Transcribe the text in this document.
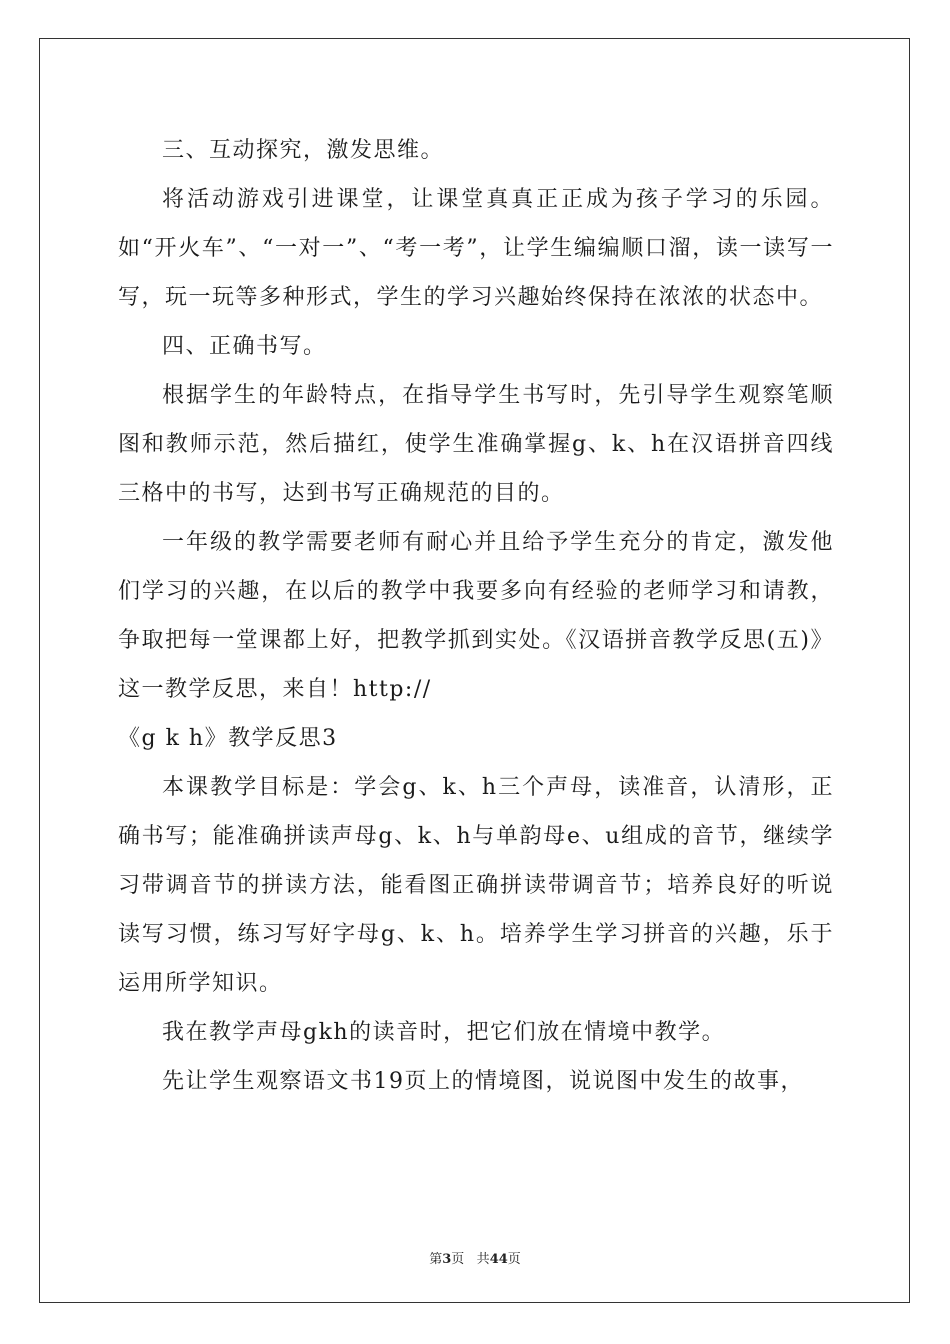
三、互动探究，激发思维。

将活动游戏引进课堂，让课堂真真正正成为孩子学习的乐园。如“开火车”、“一对一”、“考一考”，让学生编编顺口溜，读一读写一写，玩一玩等多种形式，学生的学习兴趣始终保持在浓浓的状态中。

四、正确书写。

根据学生的年龄特点，在指导学生书写时，先引导学生观察笔顺图和教师示范，然后描红，使学生准确掌握g、k、h在汉语拼音四线三格中的书写，达到书写正确规范的目的。

一年级的教学需要老师有耐心并且给予学生充分的肯定，激发他们学习的兴趣，在以后的教学中我要多向有经验的老师学习和请教，争取把每一堂课都上好，把教学抓到实处。《汉语拼音教学反思(五)》这一教学反思，来自！http://

《g k h》教学反思3

本课教学目标是：学会g、k、h三个声母，读准音，认清形，正确书写；能准确拼读声母g、k、h与单韵母e、u组成的音节，继续学习带调音节的拼读方法，能看图正确拼读带调音节；培养良好的听说读写习惯，练习写好字母g、k、h。培养学生学习拼音的兴趣，乐于运用所学知识。

我在教学声母gkh的读音时，把它们放在情境中教学。

先让学生观察语文书19页上的情境图，说说图中发生的故事，

第3页 共44页
